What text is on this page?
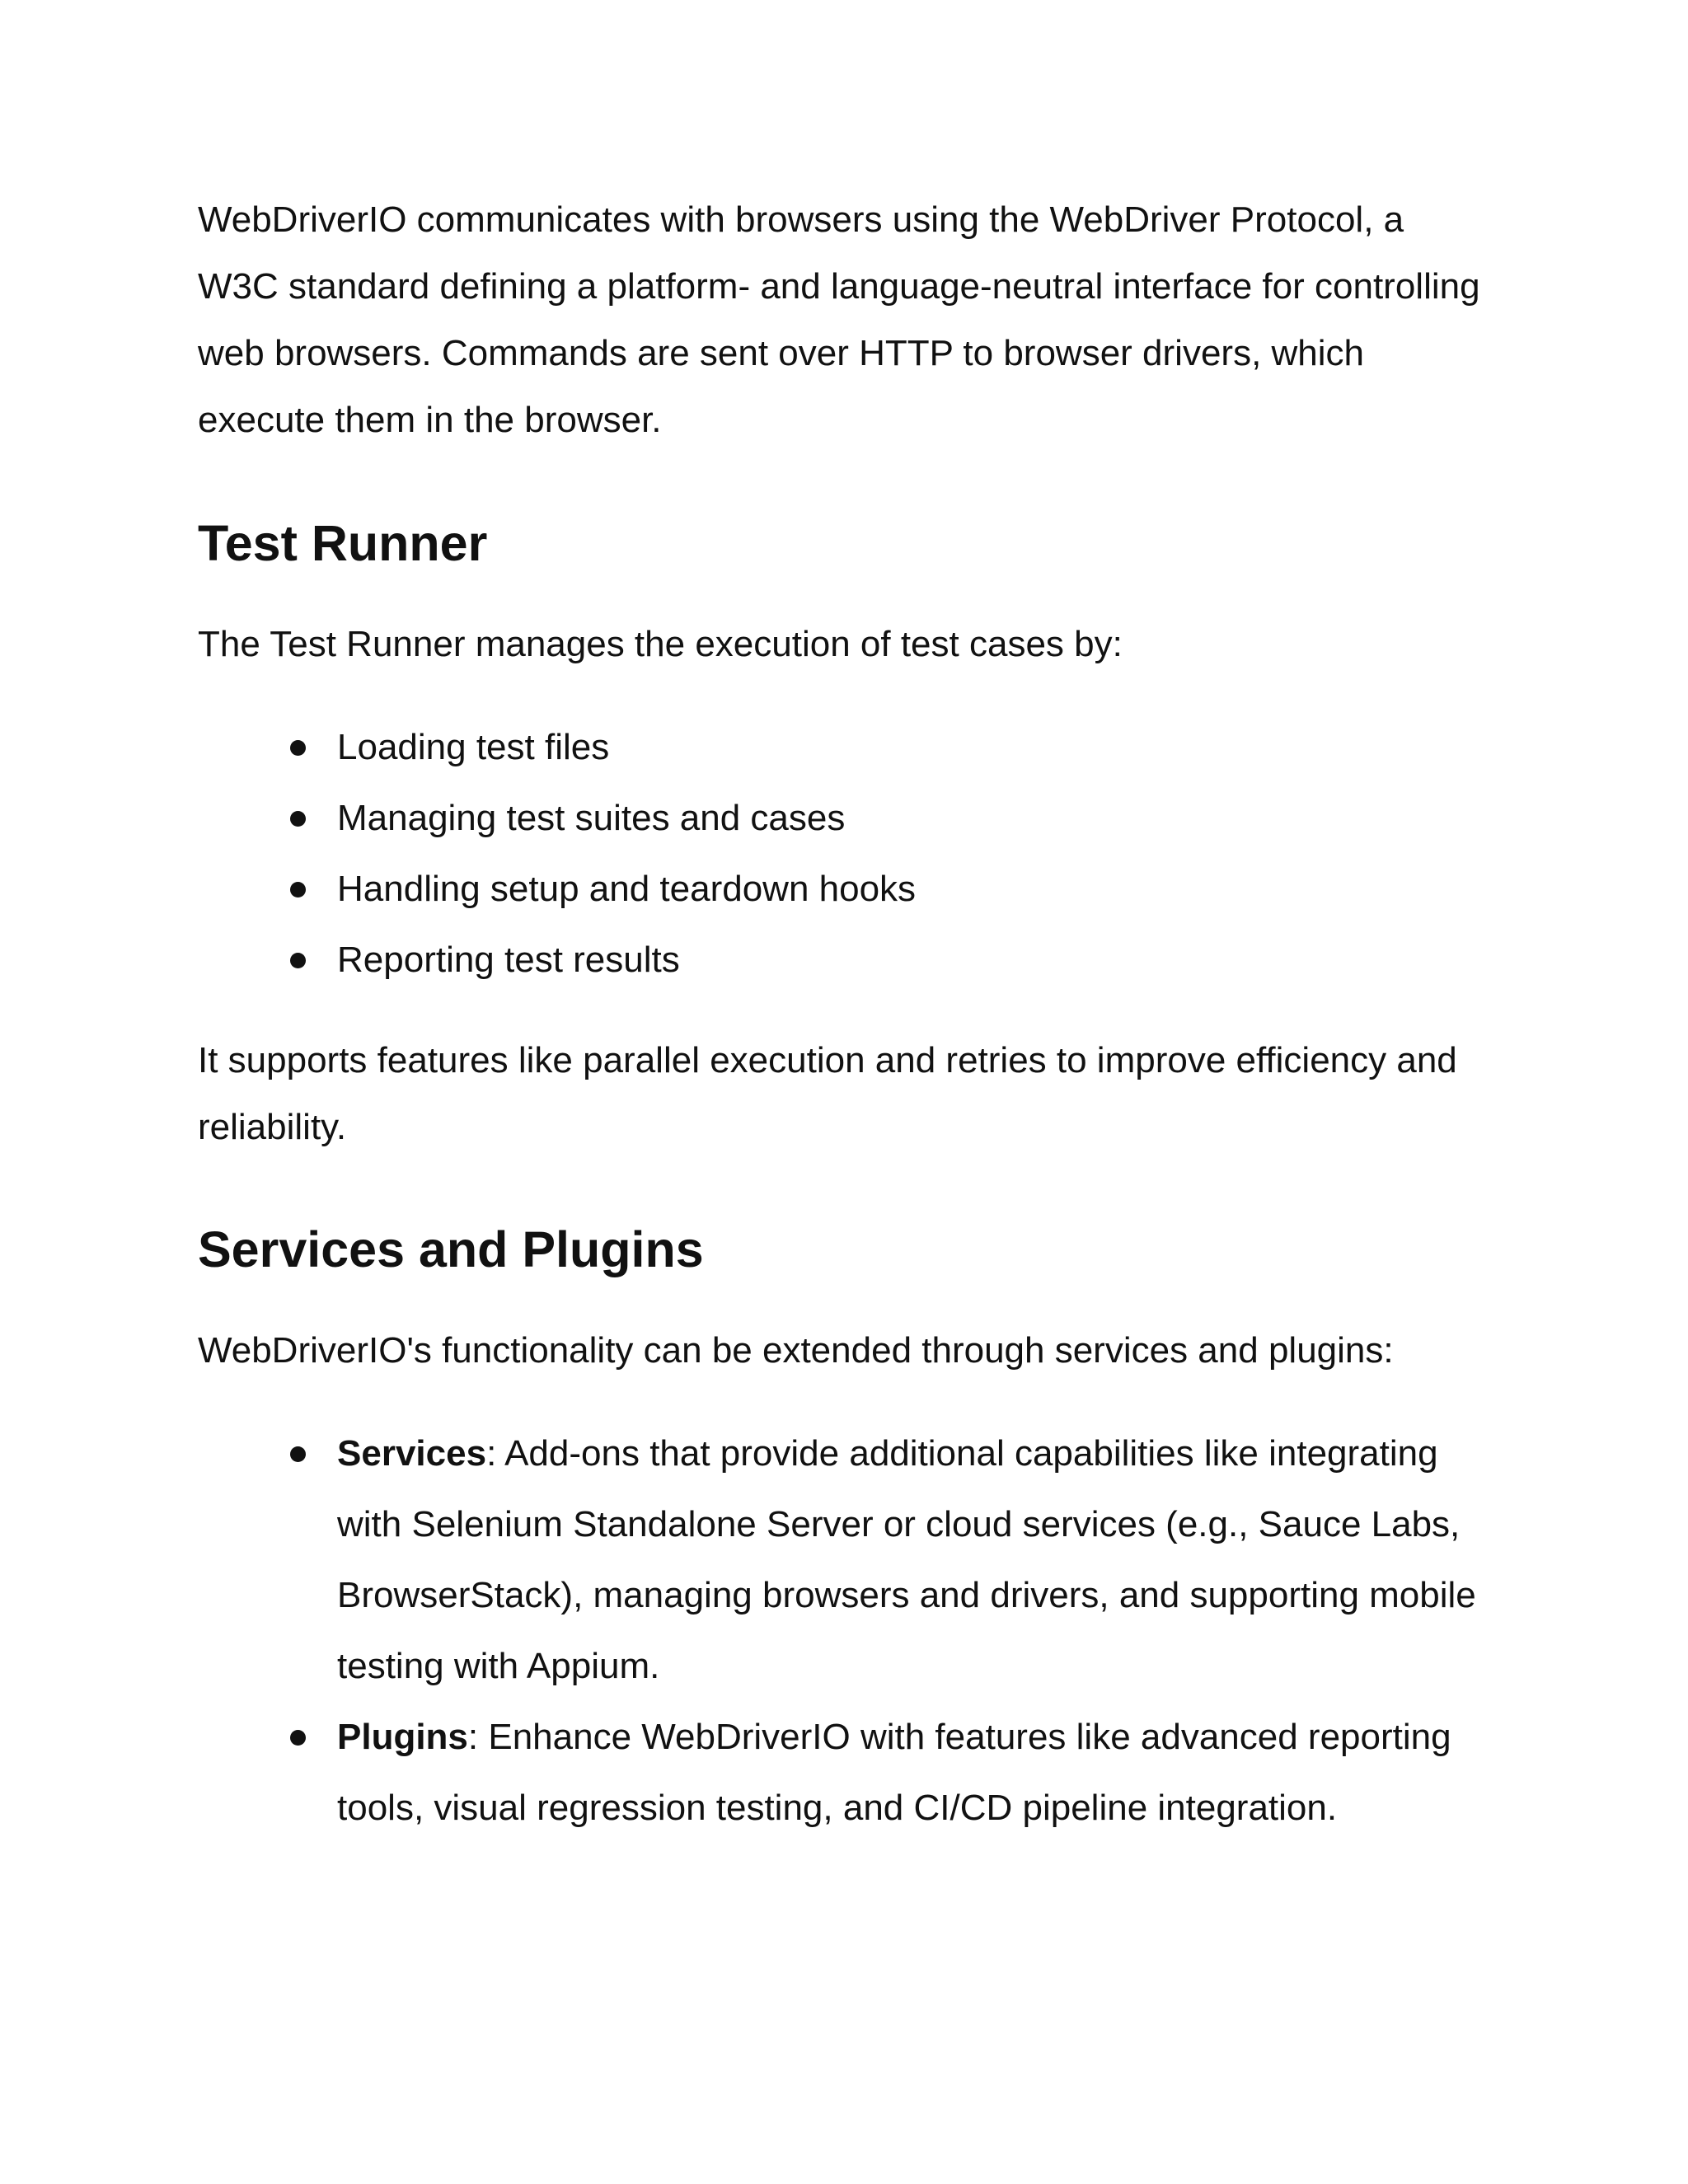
WebDriverIO communicates with browsers using the WebDriver Protocol, a W3C standard defining a platform- and language-neutral interface for controlling web browsers. Commands are sent over HTTP to browser drivers, which execute them in the browser.

Test Runner

The Test Runner manages the execution of test cases by:

Loading test files
Managing test suites and cases
Handling setup and teardown hooks
Reporting test results

It supports features like parallel execution and retries to improve efficiency and reliability.

Services and Plugins

WebDriverIO's functionality can be extended through services and plugins:

Services: Add-ons that provide additional capabilities like integrating with Selenium Standalone Server or cloud services (e.g., Sauce Labs, BrowserStack), managing browsers and drivers, and supporting mobile testing with Appium.
Plugins: Enhance WebDriverIO with features like advanced reporting tools, visual regression testing, and CI/CD pipeline integration.
